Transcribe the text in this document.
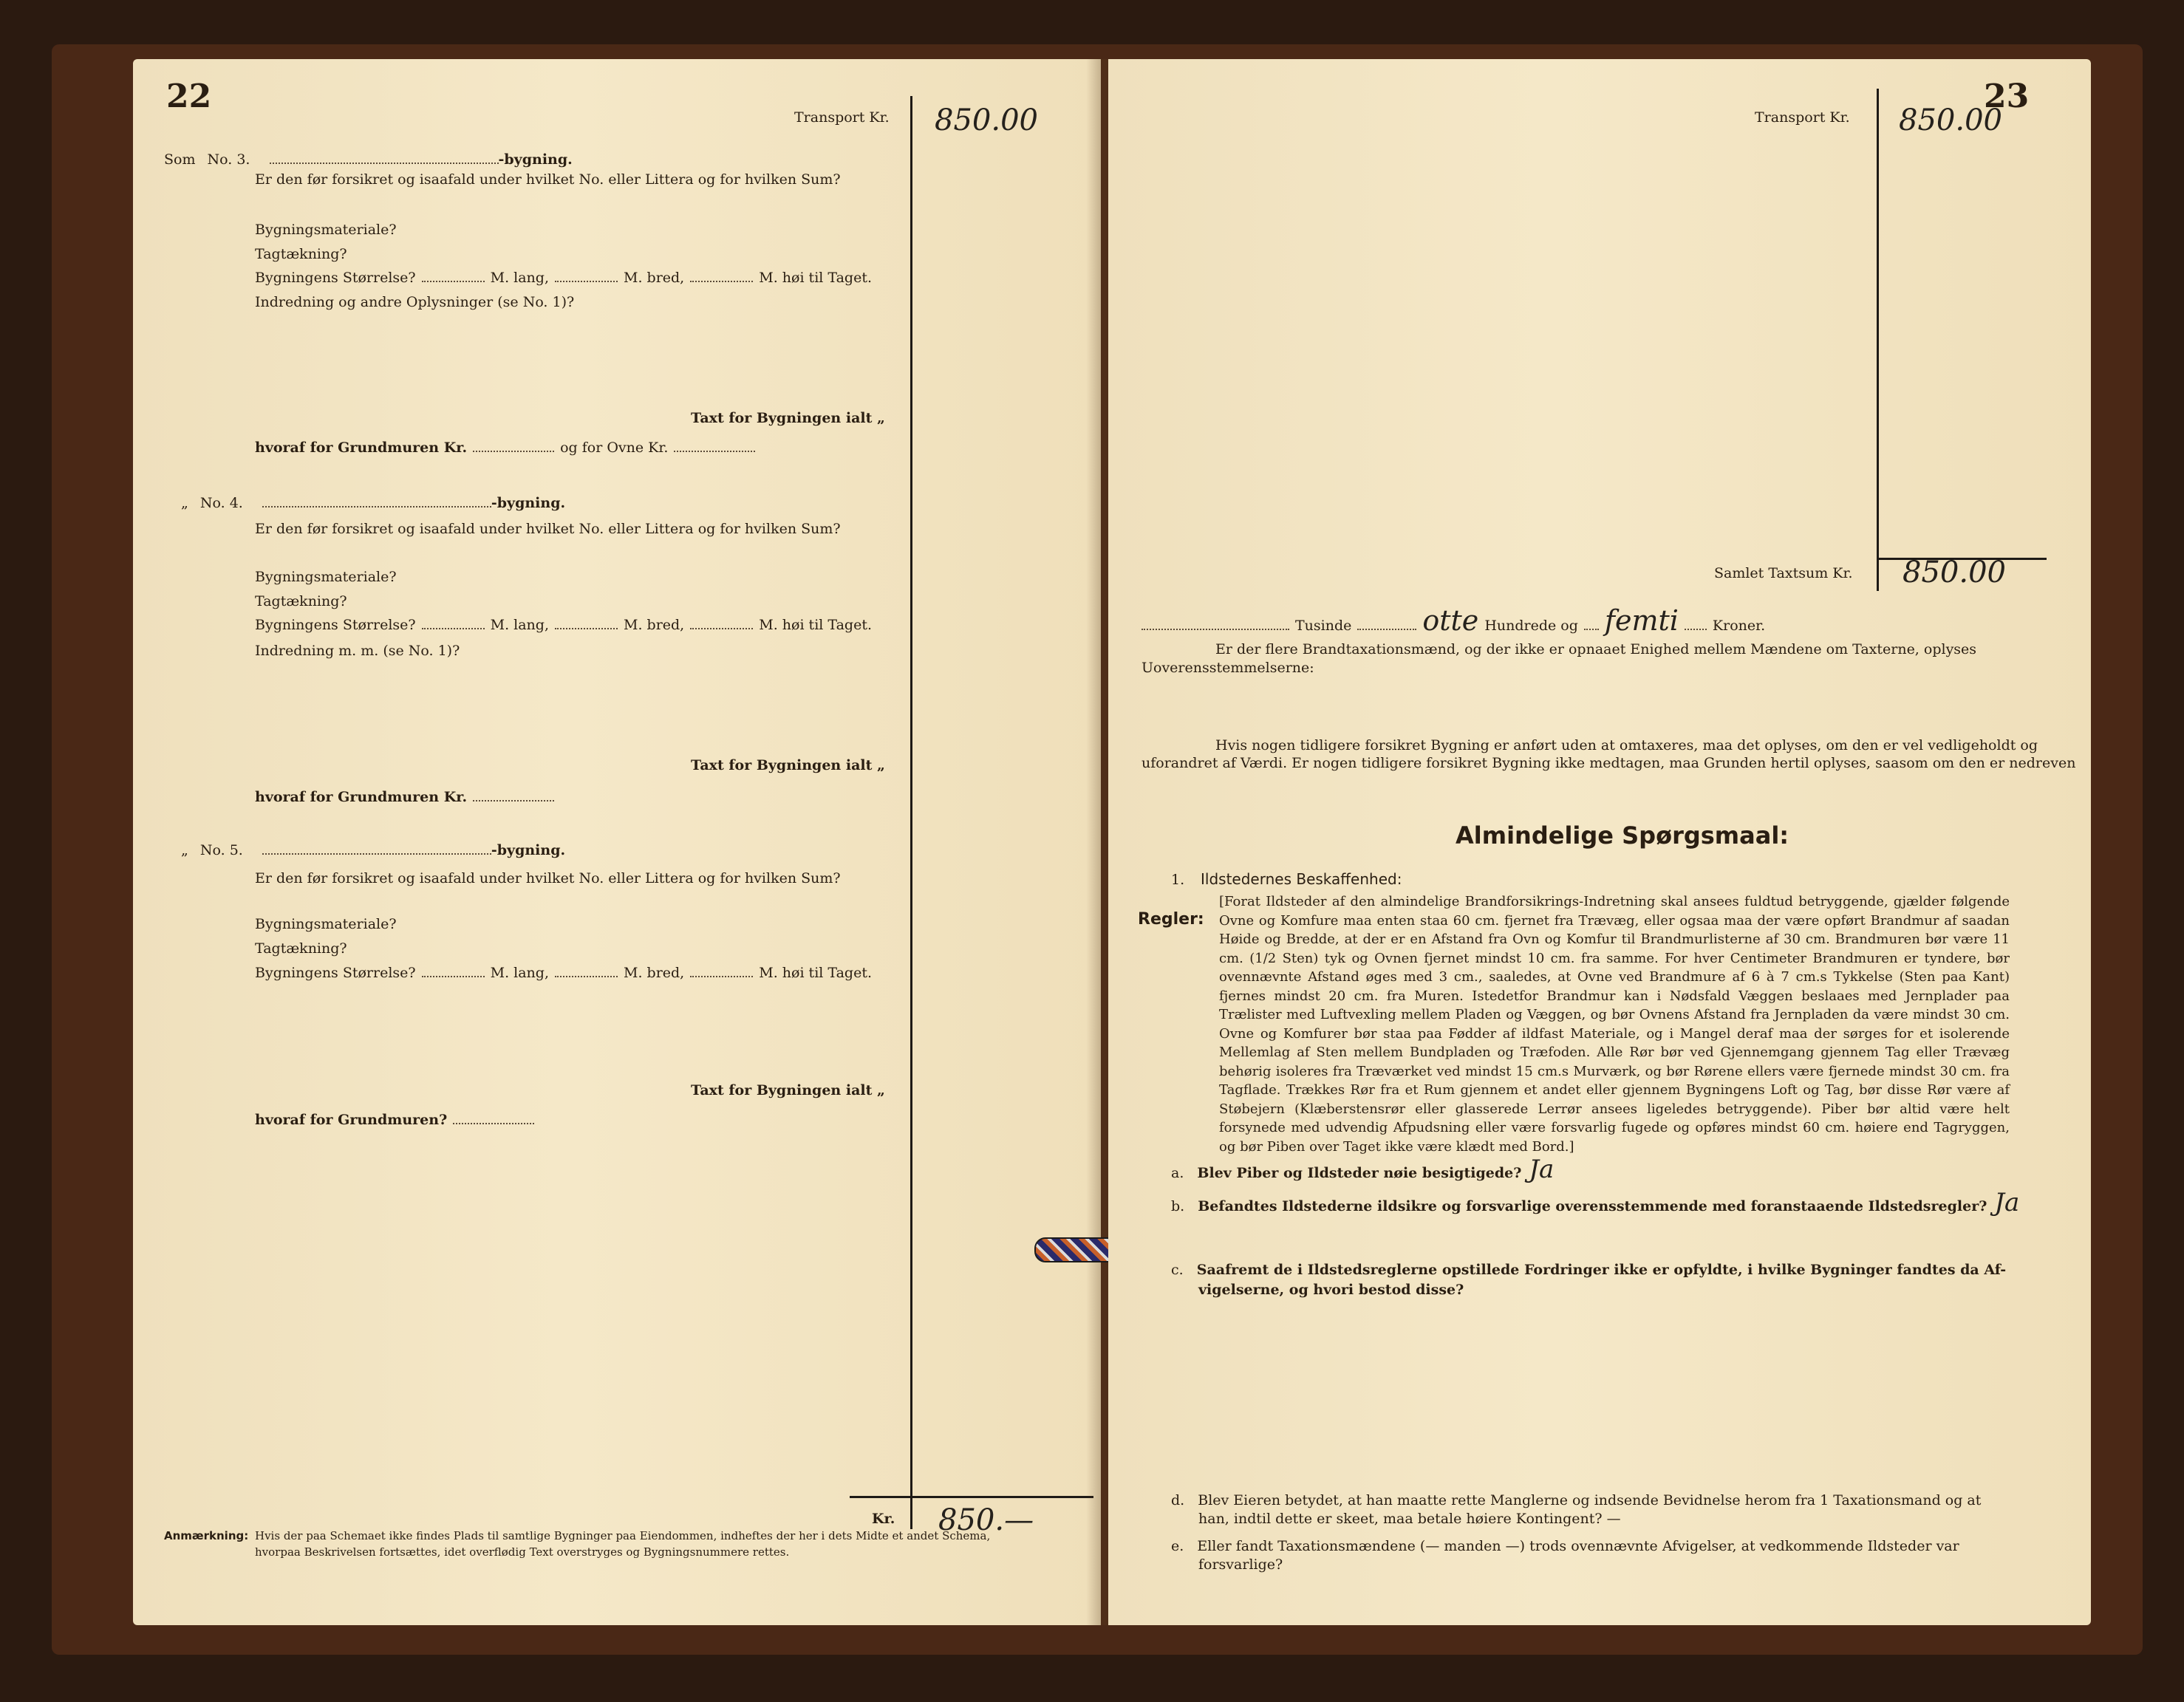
22
Transport Kr. 850.00
Som No. 3.	-bygning.
Er den før forsikret og isaafald under hvilket No. eller Littera og for hvilken Sum?
Bygningsmateriale?
Tagtækning?
Bygningens Størrelse?	M. lang,	M. bred,	M. høi til Taget.
Indredning og andre Oplysninger (se No. 1)?
Taxt for Bygningen ialt „
hvoraf for Grundmuren Kr.	og for Ovne Kr.
„ No. 4.	-bygning.
Er den før forsikret og isaafald under hvilket No. eller Littera og for hvilken Sum?
Bygningsmateriale?
Tagtækning?
Bygningens Størrelse?	M. lang,	M. bred,	M. høi til Taget.
Indredning m. m. (se No. 1)?
Taxt for Bygningen ialt „
hvoraf for Grundmuren Kr.
„ No. 5.	-bygning.
Er den før forsikret og isaafald under hvilket No. eller Littera og for hvilken Sum?
Bygningsmateriale?
Tagtækning?
Bygningens Størrelse?	M. lang,	M. bred,	M. høi til Taget.
Taxt for Bygningen ialt „
hvoraf for Grundmuren?
Kr. 850.—
Anmærkning: Hvis der paa Schemaet ikke findes Plads til samtlige Bygninger paa Eiendommen, indheftes der her i dets Midte et andet Schema,
hvorpaa Beskrivelsen fortsættes, idet overflødig Text overstryges og Bygningsnummere rettes.
23
Transport Kr. 850.00
Samlet Taxtsum Kr. 850.00
Tusinde	otte Hundrede og femti Kroner.
Er der flere Brandtaxationsmænd, og der ikke er opnaaet Enighed mellem Mændene om Taxterne, oplyses
Uoverensstemmelserne:
Hvis nogen tidligere forsikret Bygning er anført uden at omtaxeres, maa det oplyses, om den er vel vedligeholdt og
uforandret af Værdi. Er nogen tidligere forsikret Bygning ikke medtagen, maa Grunden hertil oplyses, saasom om den er nedreven
Almindelige Spørgsmaal:
1. Ildstedernes Beskaffenhed:
Regler:
[Forat Ildsteder af den almindelige Brandforsikrings-Indretning skal ansees fuldtud betryggende, gjælder følgende Ovne og Komfure maa enten staa 60 cm. fjernet fra Trævæg, eller ogsaa maa der være opført Brandmur af saadan Høide og Bredde, at der er en Afstand fra Ovn og Komfur til Brandmurlisterne af 30 cm. Brandmuren bør være 11 cm. (1/2 Sten) tyk og Ovnen fjernet mindst 10 cm. fra samme. For hver Centimeter Brandmuren er tyndere, bør ovennævnte Afstand øges med 3 cm., saaledes, at Ovne ved Brandmure af 6 à 7 cm.s Tykkelse (Sten paa Kant) fjernes mindst 20 cm. fra Muren. Istedetfor Brandmur kan i Nødsfald Væggen beslaaes med Jernplader paa Trælister med Luftvexling mellem Pladen og Væggen, og bør Ovnens Afstand fra Jernpladen da være mindst 30 cm. Ovne og Komfurer bør staa paa Fødder af ildfast Materiale, og i Mangel deraf maa der sørges for et isolerende Mellemlag af Sten mellem Bundpladen og Træfoden. Alle Rør bør ved Gjennemgang gjennem Tag eller Trævæg behørig isoleres fra Træværket ved mindst 15 cm.s Murværk, og bør Rørene ellers være fjernede mindst 30 cm. fra Tagflade. Trækkes Rør fra et Rum gjennem et andet eller gjennem Bygningens Loft og Tag, bør disse Rør være af Støbejern (Klæberstensrør eller glasserede Lerrør ansees ligeledes betryggende). Piber bør altid være helt forsynede med udvendig Afpudsning eller være forsvarlig fugede og opføres mindst 60 cm. høiere end Tagryggen, og bør Piben over Taget ikke være klædt med Bord.]
a. Blev Piber og Ildsteder nøie besigtigede? Ja
b. Befandtes Ildstederne ildsikre og forsvarlige overensstemmende med foranstaaende Ildstedsregler? Ja
c. Saafremt de i Ildstedsreglerne opstillede Fordringer ikke er opfyldte, i hvilke Bygninger fandtes da Af-
vigelserne, og hvori bestod disse?
d. Blev Eieren betydet, at han maatte rette Manglerne og indsende Bevidnelse herom fra 1 Taxationsmand og at
han, indtil dette er skeet, maa betale høiere Kontingent? —
e. Eller fandt Taxationsmændene (— manden —) trods ovennævnte Afvigelser, at vedkommende Ildsteder var
forsvarlige?
